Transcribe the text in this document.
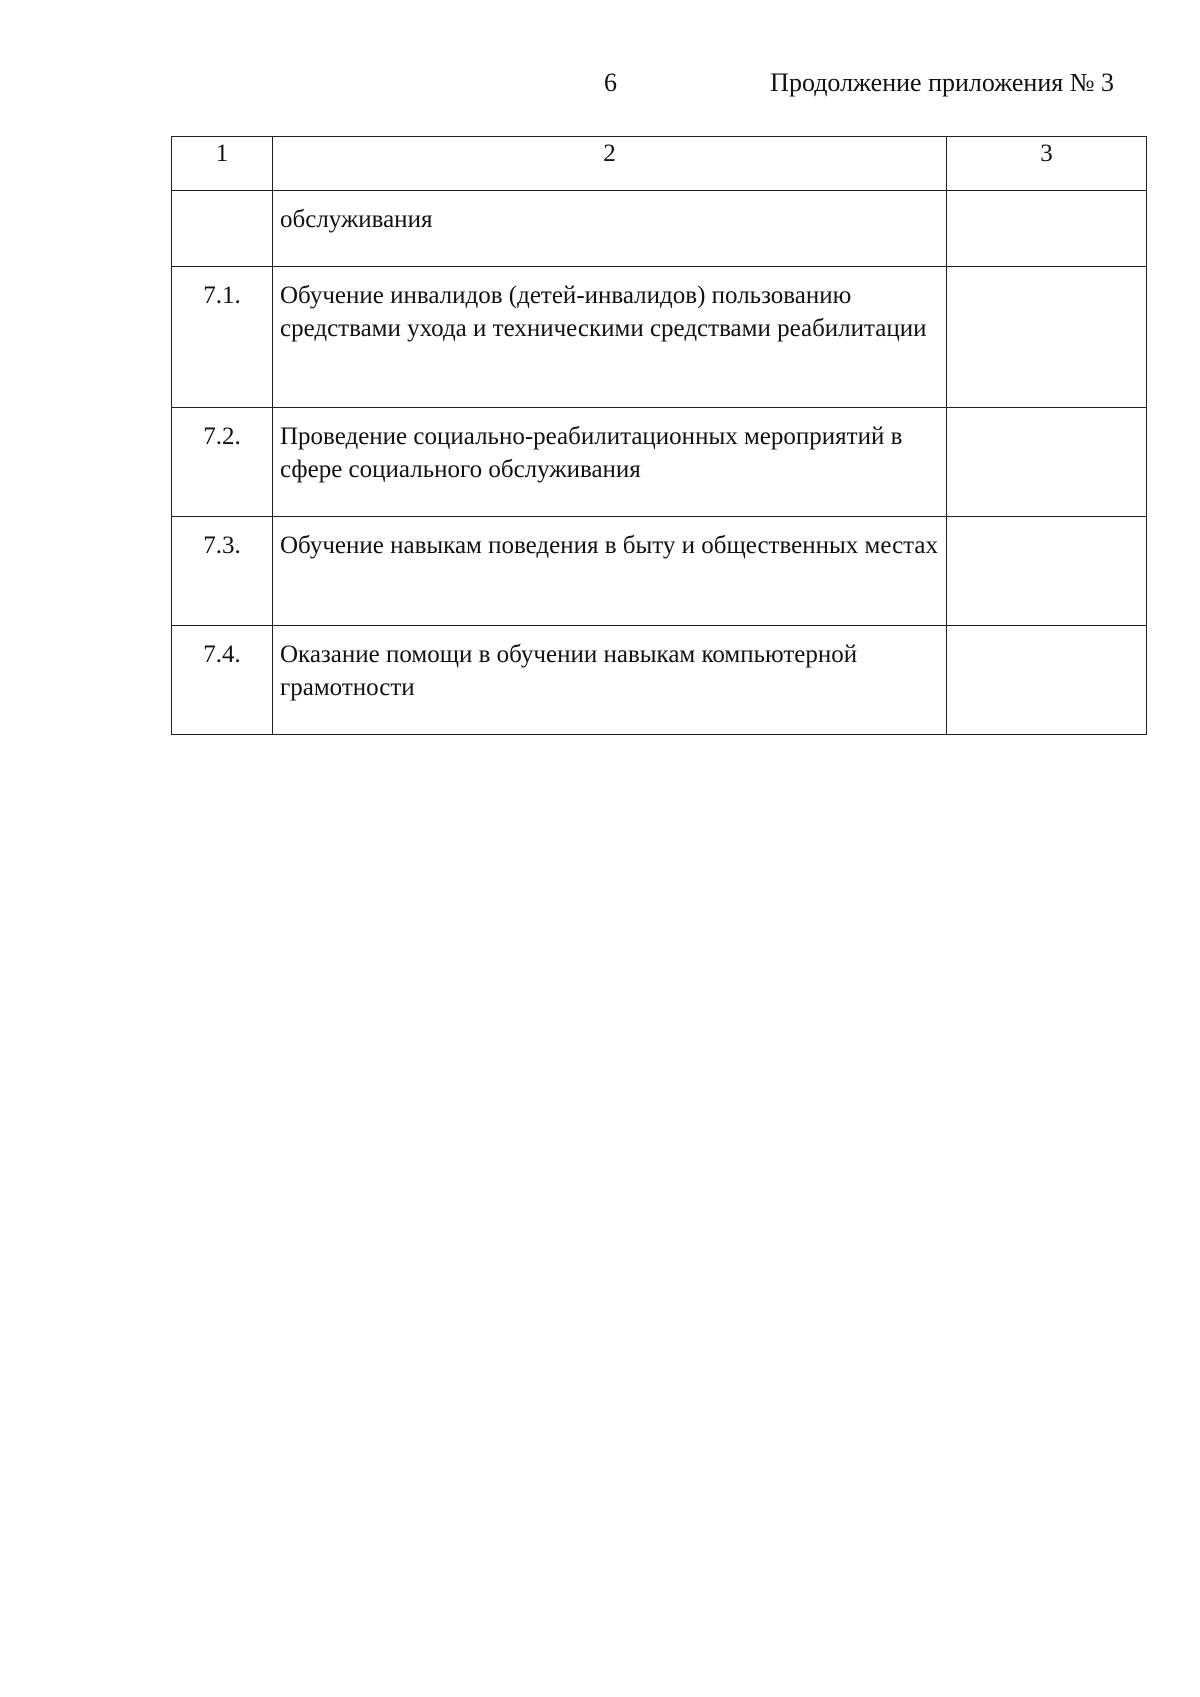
6	Продолжение приложения № 3
1	2	3
	обслуживания	
7.1.	Обучение инвалидов (детей-инвалидов) пользованию средствами ухода и техническими средствами реабилитации	
7.2.	Проведение социально-реабилитационных мероприятий в сфере социального обслуживания	
7.3.	Обучение навыкам поведения в быту и общественных местах	
7.4.	Оказание помощи в обучении навыкам компьютерной грамотности	
